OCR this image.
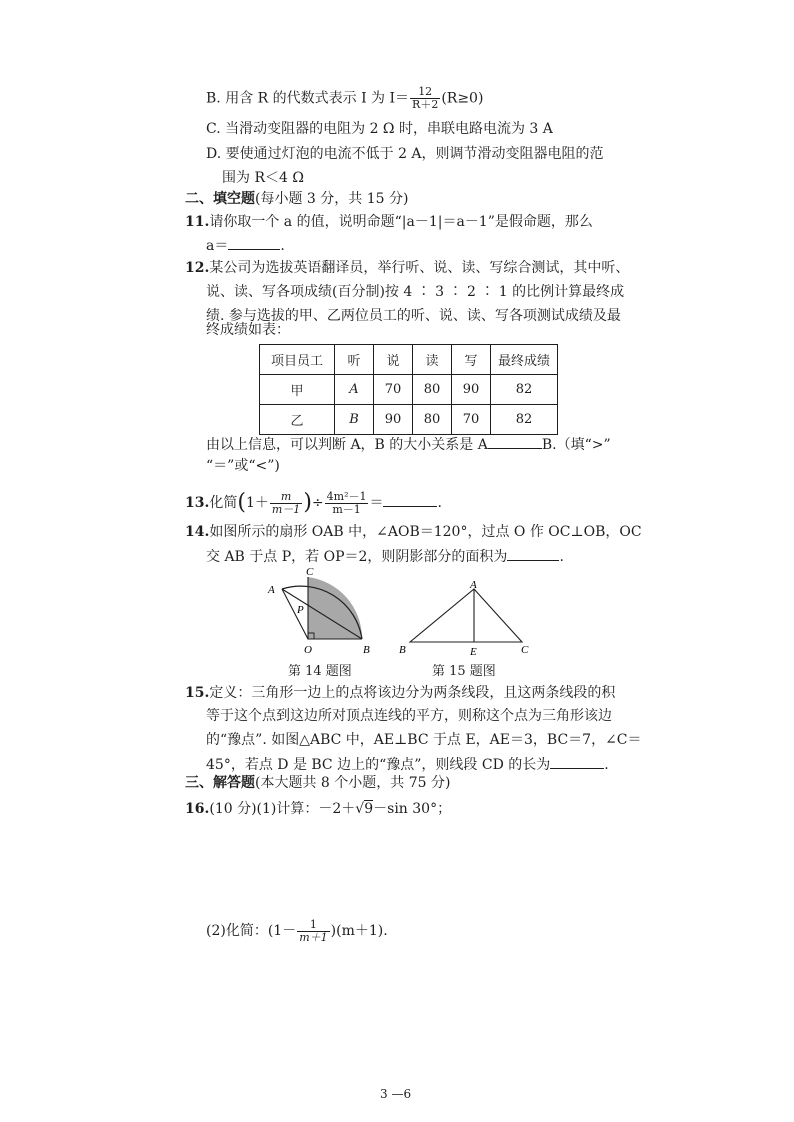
B. 用含 R 的代数式表示 I 为 $I= \frac{12}{R+2} (R\ge 0)$
C. 当滑动变阻器的电阻为 2 Ω 时，串联电路电流为 3 A
D. 要使通过灯泡的电流不低于 2 A，则调节滑动变阻器电阻的范
围为 R＜4 Ω
二、填空题(每小题 3 分，共 15 分)
11.请你取一个 a 的值，说明命题“|a－1|＝a－1”是假命题，那么
a＝	.
12.某公司为选拔英语翻译员，举行听、说、读、写综合测试，其中听、
说、读、写各项成绩(百分制)按 4 ∶ 3 ∶ 2 ∶ 1 的比例计算最终成
绩. 参与选拔的甲、乙两位员工的听、说、读、写各项测试成绩及最
终成绩如表：
项目员工	听	说	读	写	最终成绩
甲	A	70	80	90	82
乙	B	90	80	70	82
由以上信息，可以判断 A，B 的大小关系是 A	B.（填“>”
“＝”或“<”)
13.化简($1+ \frac{m}{m-1}$ )÷ $\frac{\text{4m²－1}}{m-1}$ ＝	.
14.如图所示的扇形 OAB 中，∠AOB＝120°，过点 O 作 OC⊥OB，OC
交 AB 于点 P，若 OP＝2，则阴影部分的面积为	.
C
A
P
O	B
第 14 题图
A
B	E	C
第 15 题图
15.定义：三角形一边上的点将该边分为两条线段，且这两条线段的积
等于这个点到这边所对顶点连线的平方，则称这个点为三角形该边
的“豫点”. 如图△ABC 中，AE⊥BC 于点 E，AE＝3，BC＝7，∠C＝
45°，若点 D 是 BC 边上的“豫点”，则线段 CD 的长为	.
三、解答题(本大题共 8 个小题，共 75 分)
16.(10 分)(1)计算：－2＋√9－sin 30°；
(2)化简：$(1- \frac{1}{m+1} )(m+1)$.
3 —6
